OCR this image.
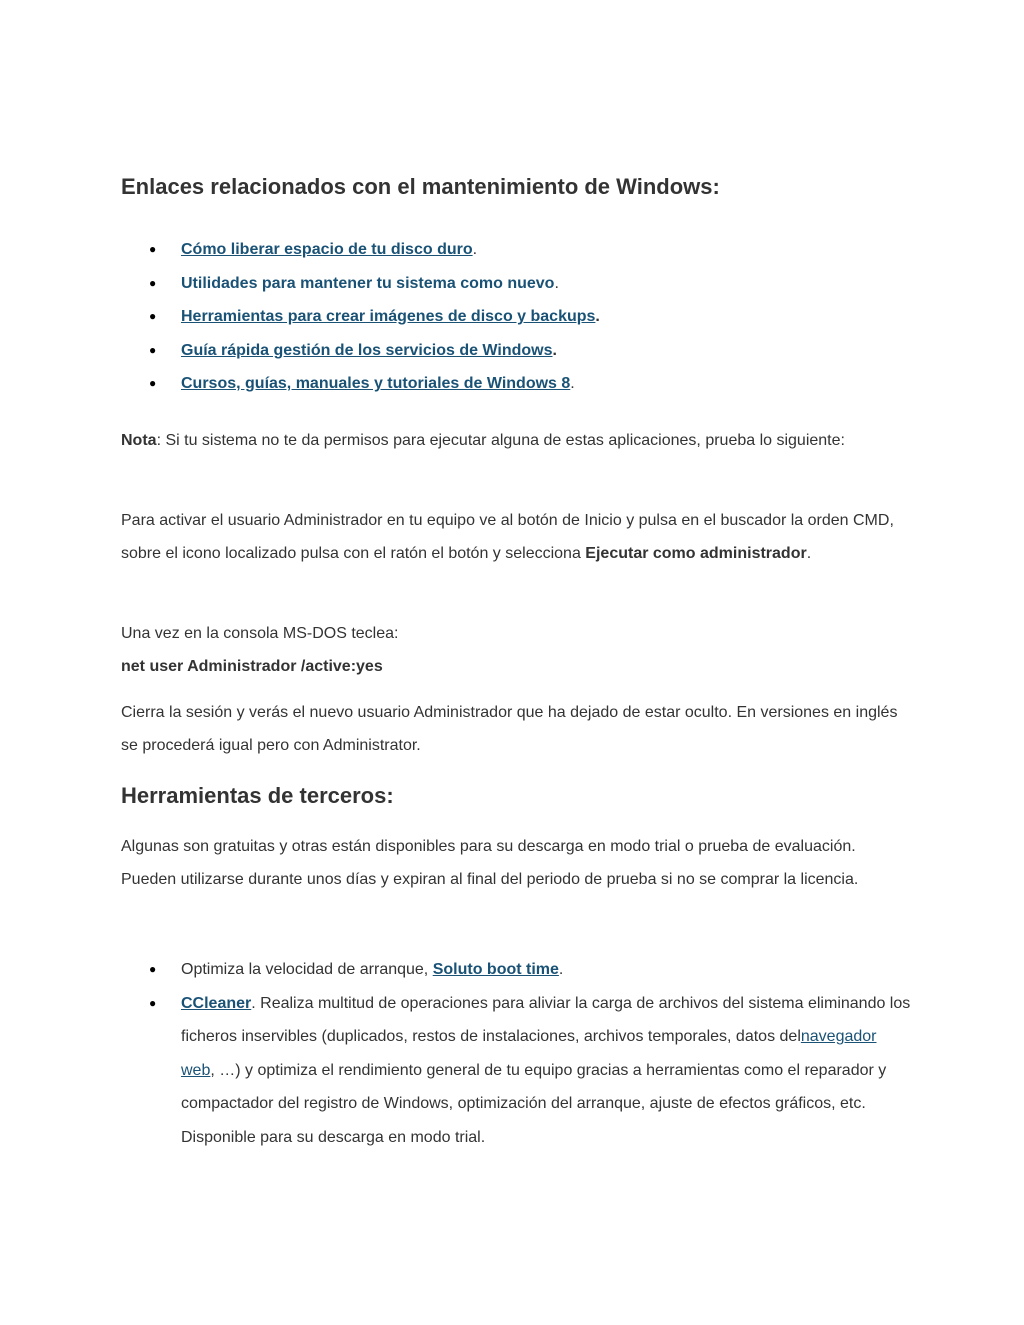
Enlaces relacionados con el mantenimiento de Windows:
● Cómo liberar espacio de tu disco duro.
● Utilidades para mantener tu sistema como nuevo.
● Herramientas para crear imágenes de disco y backups.
● Guía rápida gestión de los servicios de Windows.
● Cursos, guías, manuales y tutoriales de Windows 8.

Nota: Si tu sistema no te da permisos para ejecutar alguna de estas aplicaciones, prueba lo siguiente:

Para activar el usuario Administrador en tu equipo ve al botón de Inicio y pulsa en el buscador la orden CMD, sobre el icono localizado pulsa con el ratón el botón y selecciona Ejecutar como administrador.

Una vez en la consola MS-DOS teclea:
net user Administrador /active:yes

Cierra la sesión y verás el nuevo usuario Administrador que ha dejado de estar oculto. En versiones en inglés se procederá igual pero con Administrator.

Herramientas de terceros:

Algunas son gratuitas y otras están disponibles para su descarga en modo trial o prueba de evaluación. Pueden utilizarse durante unos días y expiran al final del periodo de prueba si no se comprar la licencia.

● Optimiza la velocidad de arranque, Soluto boot time.
● CCleaner. Realiza multitud de operaciones para aliviar la carga de archivos del sistema eliminando los ficheros inservibles (duplicados, restos de instalaciones, archivos temporales, datos delnavegador web, …) y optimiza el rendimiento general de tu equipo gracias a herramientas como el reparador y compactador del registro de Windows, optimización del arranque, ajuste de efectos gráficos, etc. Disponible para su descarga en modo trial.
